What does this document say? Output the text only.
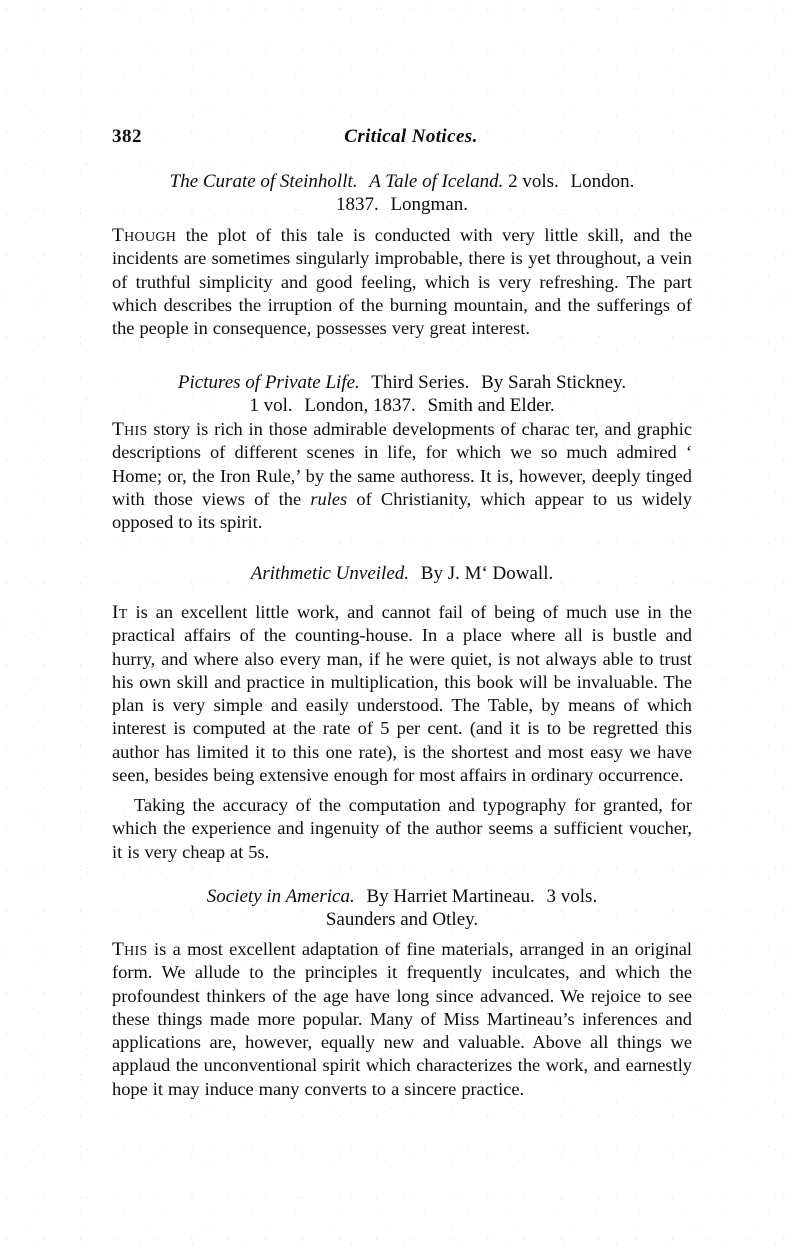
382	Critical Notices.
The Curate of Steinhollt. A Tale of Iceland. 2 vols. London.
1837. Longman.

Though the plot of this tale is conducted with very little skill, and the incidents are sometimes singularly improbable, there is yet throughout, a vein of truthful simplicity and good feeling, which is very refreshing. The part which describes the irruption of the burning mountain, and the sufferings of the people in consequence, possesses very great interest.

Pictures of Private Life. Third Series. By Sarah Stickney.
1 vol. London, 1837. Smith and Elder.

This story is rich in those admirable developments of charac ter, and graphic descriptions of different scenes in life, for which we so much admired ‘ Home; or, the Iron Rule,’ by the same authoress. It is, however, deeply tinged with those views of the rules of Christianity, which appear to us widely opposed to its spirit.

Arithmetic Unveiled. By J. Mʻ Dowall.

It is an excellent little work, and cannot fail of being of much use in the practical affairs of the counting-house. In a place where all is bustle and hurry, and where also every man, if he were quiet, is not always able to trust his own skill and practice in multiplication, this book will be invaluable. The plan is very simple and easily understood. The Table, by means of which interest is computed at the rate of 5 per cent. (and it is to be regretted this author has limited it to this one rate), is the shortest and most easy we have seen, besides being extensive enough for most affairs in ordinary occurrence.

Taking the accuracy of the computation and typography for granted, for which the experience and ingenuity of the author seems a sufficient voucher, it is very cheap at 5s.

Society in America. By Harriet Martineau. 3 vols.
Saunders and Otley.

This is a most excellent adaptation of fine materials, arranged in an original form. We allude to the principles it frequently inculcates, and which the profoundest thinkers of the age have long since advanced. We rejoice to see these things made more popular. Many of Miss Martineau’s inferences and applications are, however, equally new and valuable. Above all things we applaud the unconventional spirit which characterizes the work, and earnestly hope it may induce many converts to a sincere practice.
